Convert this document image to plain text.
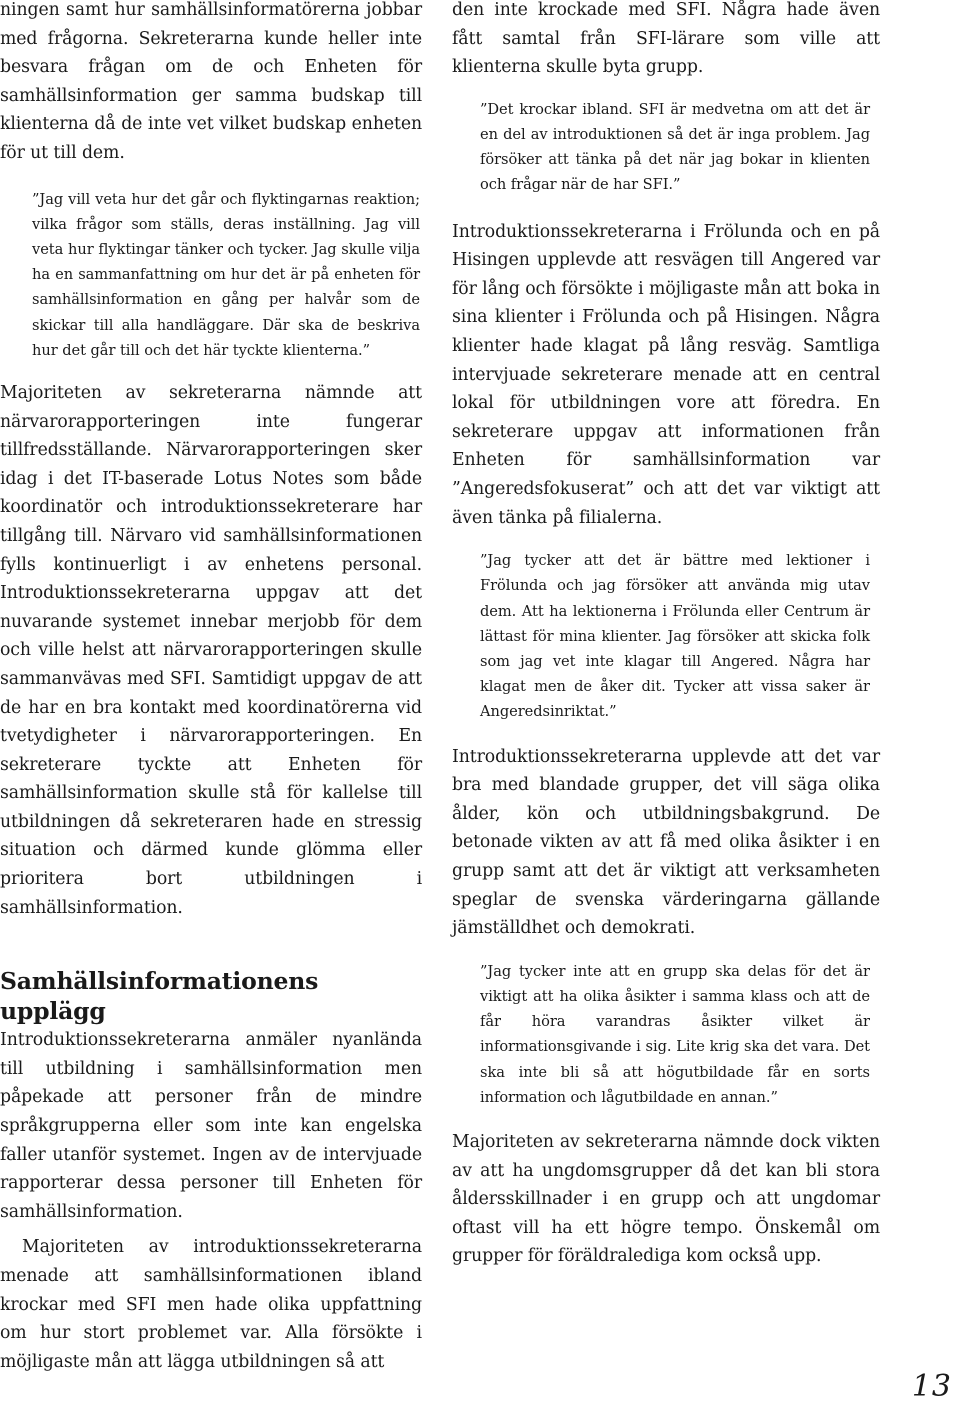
ningen samt hur samhällsinformatörerna jobbar med frågorna. Sekreterarna kunde heller inte besvara frågan om de och Enheten för samhällsinformation ger samma budskap till klienterna då de inte vet vilket budskap enheten för ut till dem.

”Jag vill veta hur det går och flyktingarnas reaktion; vilka frågor som ställs, deras inställning. Jag vill veta hur flyktingar tänker och tycker. Jag skulle vilja ha en sammanfattning om hur det är på enheten för samhällsinformation en gång per halvår som de skickar till alla handläggare. Där ska de beskriva hur det går till och det här tyckte klienterna.”

Majoriteten av sekreterarna nämnde att närvarorapporteringen inte fungerar tillfredsställande. Närvarorapporteringen sker idag i det IT-baserade Lotus Notes som både koordinatör och introduktionssekreterare har tillgång till. Närvaro vid samhällsinformationen fylls kontinuerligt i av enhetens personal. Introduktionssekreterarna uppgav att det nuvarande systemet innebar merjobb för dem och ville helst att närvarorapporteringen skulle sammanvävas med SFI. Samtidigt uppgav de att de har en bra kontakt med koordinatörerna vid tvetydigheter i närvarorapporteringen. En sekreterare tyckte att Enheten för samhällsinformation skulle stå för kallelse till utbildningen då sekreteraren hade en stressig situation och därmed kunde glömma eller prioritera bort utbildningen i samhällsinformation.

Samhällsinformationens upplägg

Introduktionssekreterarna anmäler nyanlända till utbildning i samhällsinformation men påpekade att personer från de mindre språkgrupperna eller som inte kan engelska faller utanför systemet. Ingen av de intervjuade rapporterar dessa personer till Enheten för samhällsinformation.

Majoriteten av introduktionssekreterarna menade att samhällsinformationen ibland krockar med SFI men hade olika uppfattning om hur stort problemet var. Alla försökte i möjligaste mån att lägga utbildningen så att

den inte krockade med SFI. Några hade även fått samtal från SFI-lärare som ville att klienterna skulle byta grupp.

”Det krockar ibland. SFI är medvetna om att det är en del av introduktionen så det är inga problem. Jag försöker att tänka på det när jag bokar in klienten och frågar när de har SFI.”

Introduktionssekreterarna i Frölunda och en på Hisingen upplevde att resvägen till Angered var för lång och försökte i möjligaste mån att boka in sina klienter i Frölunda och på Hisingen. Några klienter hade klagat på lång resväg. Samtliga intervjuade sekreterare menade att en central lokal för utbildningen vore att föredra. En sekreterare uppgav att informationen från Enheten för samhällsinformation var ”Angeredsfokuserat” och att det var viktigt att även tänka på filialerna.

”Jag tycker att det är bättre med lektioner i Frölunda och jag försöker att använda mig utav dem. Att ha lektionerna i Frölunda eller Centrum är lättast för mina klienter. Jag försöker att skicka folk som jag vet inte klagar till Angered. Några har klagat men de åker dit. Tycker att vissa saker är Angeredsinriktat.”

Introduktionssekreterarna upplevde att det var bra med blandade grupper, det vill säga olika ålder, kön och utbildningsbakgrund. De betonade vikten av att få med olika åsikter i en grupp samt att det är viktigt att verksamheten speglar de svenska värderingarna gällande jämställdhet och demokrati.

”Jag tycker inte att en grupp ska delas för det är viktigt att ha olika åsikter i samma klass och att de får höra varandras åsikter vilket är informationsgivande i sig. Lite krig ska det vara. Det ska inte bli så att högutbildade får en sorts information och lågutbildade en annan.”

Majoriteten av sekreterarna nämnde dock vikten av att ha ungdomsgrupper då det kan bli stora åldersskillnader i en grupp och att ungdomar oftast vill ha ett högre tempo. Önskemål om grupper för föräldralediga kom också upp.

13
